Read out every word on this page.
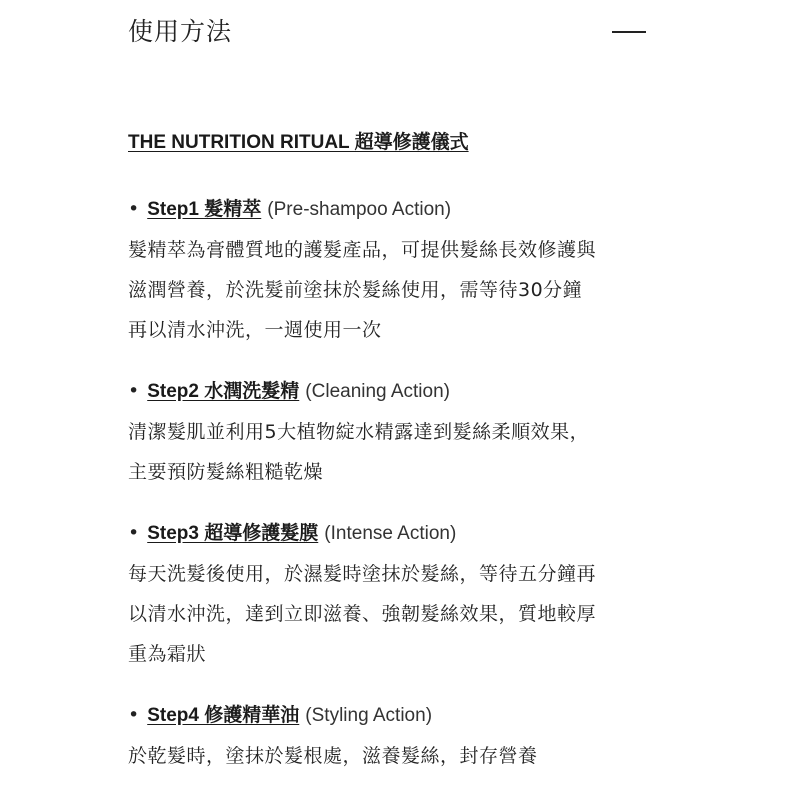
使用方法
THE NUTRITION RITUAL 超導修護儀式
• Step1 髮精萃 (Pre-shampoo Action)

髮精萃為膏體質地的護髮產品，可提供髮絲長效修護與
滋潤營養，於洗髮前塗抹於髮絲使用，需等待30分鐘
再以清水沖洗，一週使用一次

• Step2 水潤洗髮精 (Cleaning Action)

清潔髮肌並利用5大植物綻水精露達到髮絲柔順效果，
主要預防髮絲粗糙乾燥

• Step3 超導修護髮膜 (Intense Action)

每天洗髮後使用，於濕髮時塗抹於髮絲，等待五分鐘再
以清水沖洗，達到立即滋養、強韌髮絲效果，質地較厚
重為霜狀

• Step4 修護精華油 (Styling Action)

於乾髮時，塗抹於髮根處，滋養髮絲，封存營養
